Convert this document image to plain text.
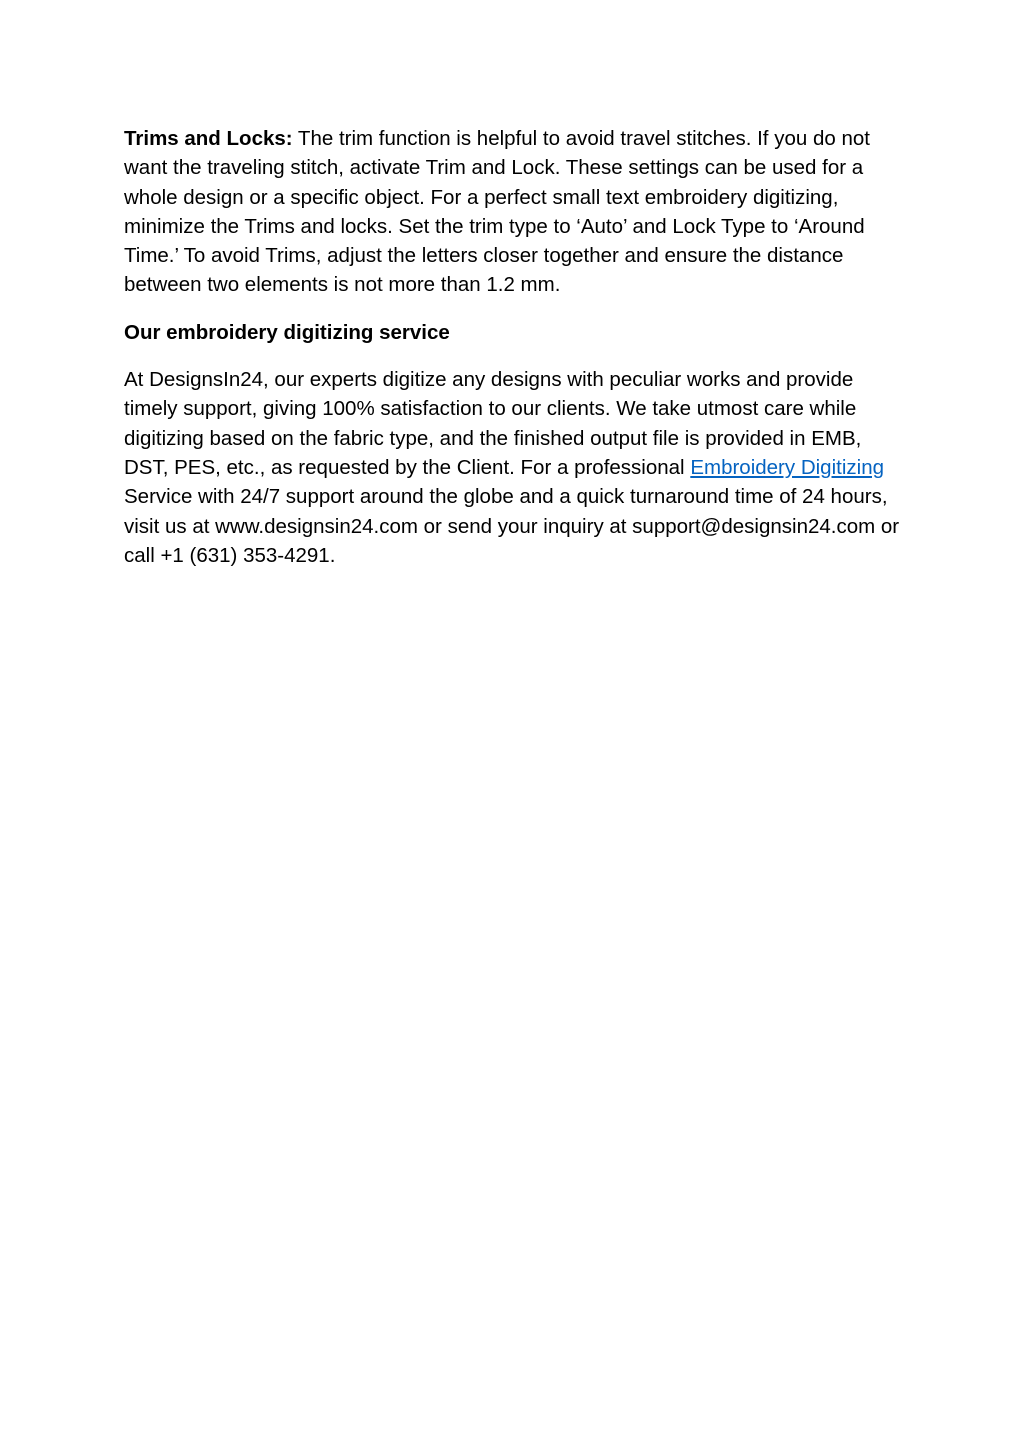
Trims and Locks: The trim function is helpful to avoid travel stitches. If you do not want the traveling stitch, activate Trim and Lock. These settings can be used for a whole design or a specific object. For a perfect small text embroidery digitizing, minimize the Trims and locks. Set the trim type to ‘Auto’ and Lock Type to ‘Around Time.’ To avoid Trims, adjust the letters closer together and ensure the distance between two elements is not more than 1.2 mm.

Our embroidery digitizing service

At DesignsIn24, our experts digitize any designs with peculiar works and provide timely support, giving 100% satisfaction to our clients. We take utmost care while digitizing based on the fabric type, and the finished output file is provided in EMB, DST, PES, etc., as requested by the Client. For a professional Embroidery Digitizing Service with 24/7 support around the globe and a quick turnaround time of 24 hours, visit us at www.designsin24.com or send your inquiry at support@designsin24.com or call +1 (631) 353-4291.
